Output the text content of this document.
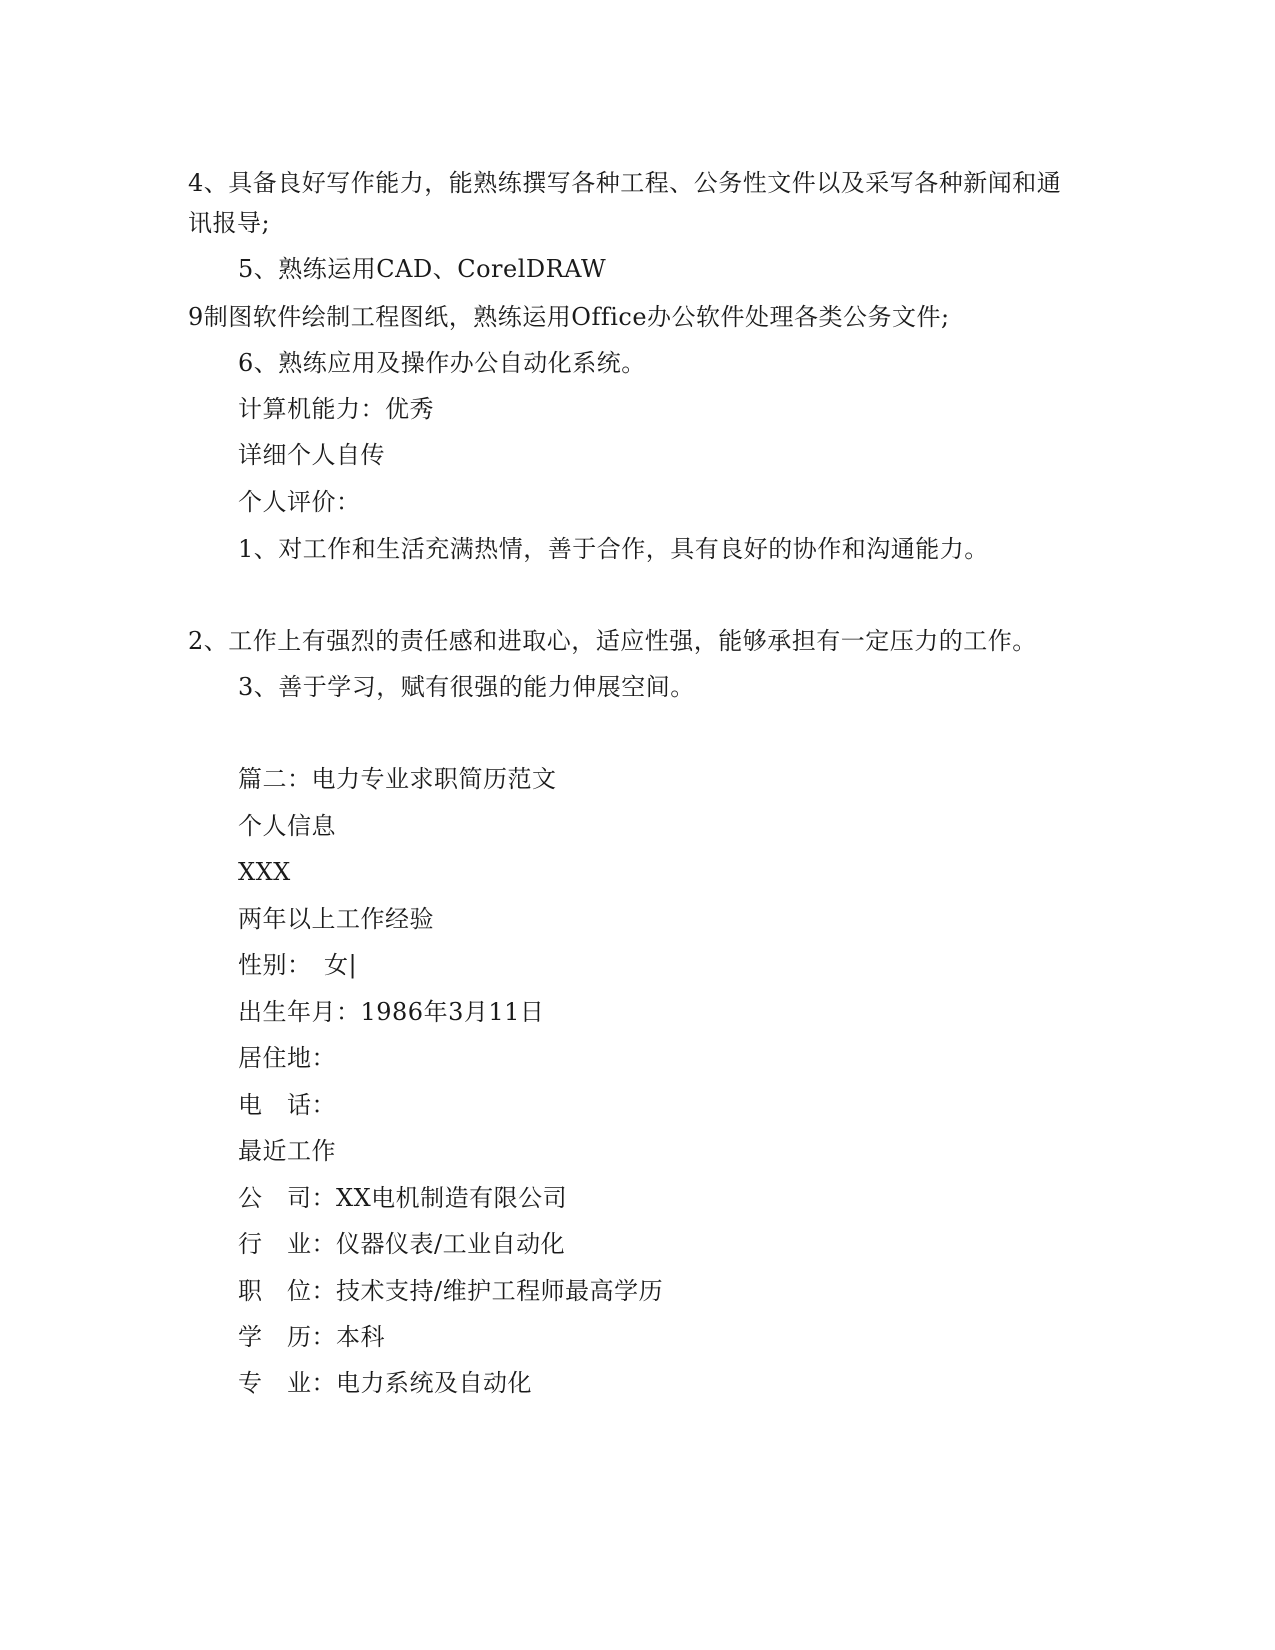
4、具备良好写作能力，能熟练撰写各种工程、公务性文件以及采写各种新闻和通
讯报导;
5、熟练运用CAD、CorelDRAW
9制图软件绘制工程图纸，熟练运用Office办公软件处理各类公务文件;
6、熟练应用及操作办公自动化系统。
计算机能力：优秀
详细个人自传
个人评价：
1、对工作和生活充满热情，善于合作，具有良好的协作和沟通能力。
2、工作上有强烈的责任感和进取心，适应性强，能够承担有一定压力的工作。
3、善于学习，赋有很强的能力伸展空间。
篇二：电力专业求职简历范文
个人信息
XXX
两年以上工作经验
性别：　女|
出生年月：1986年3月11日
居住地：
电　话：
最近工作
公　司：XX电机制造有限公司
行　业：仪器仪表/工业自动化
职　位：技术支持/维护工程师最高学历
学　历：本科
专　业：电力系统及自动化
